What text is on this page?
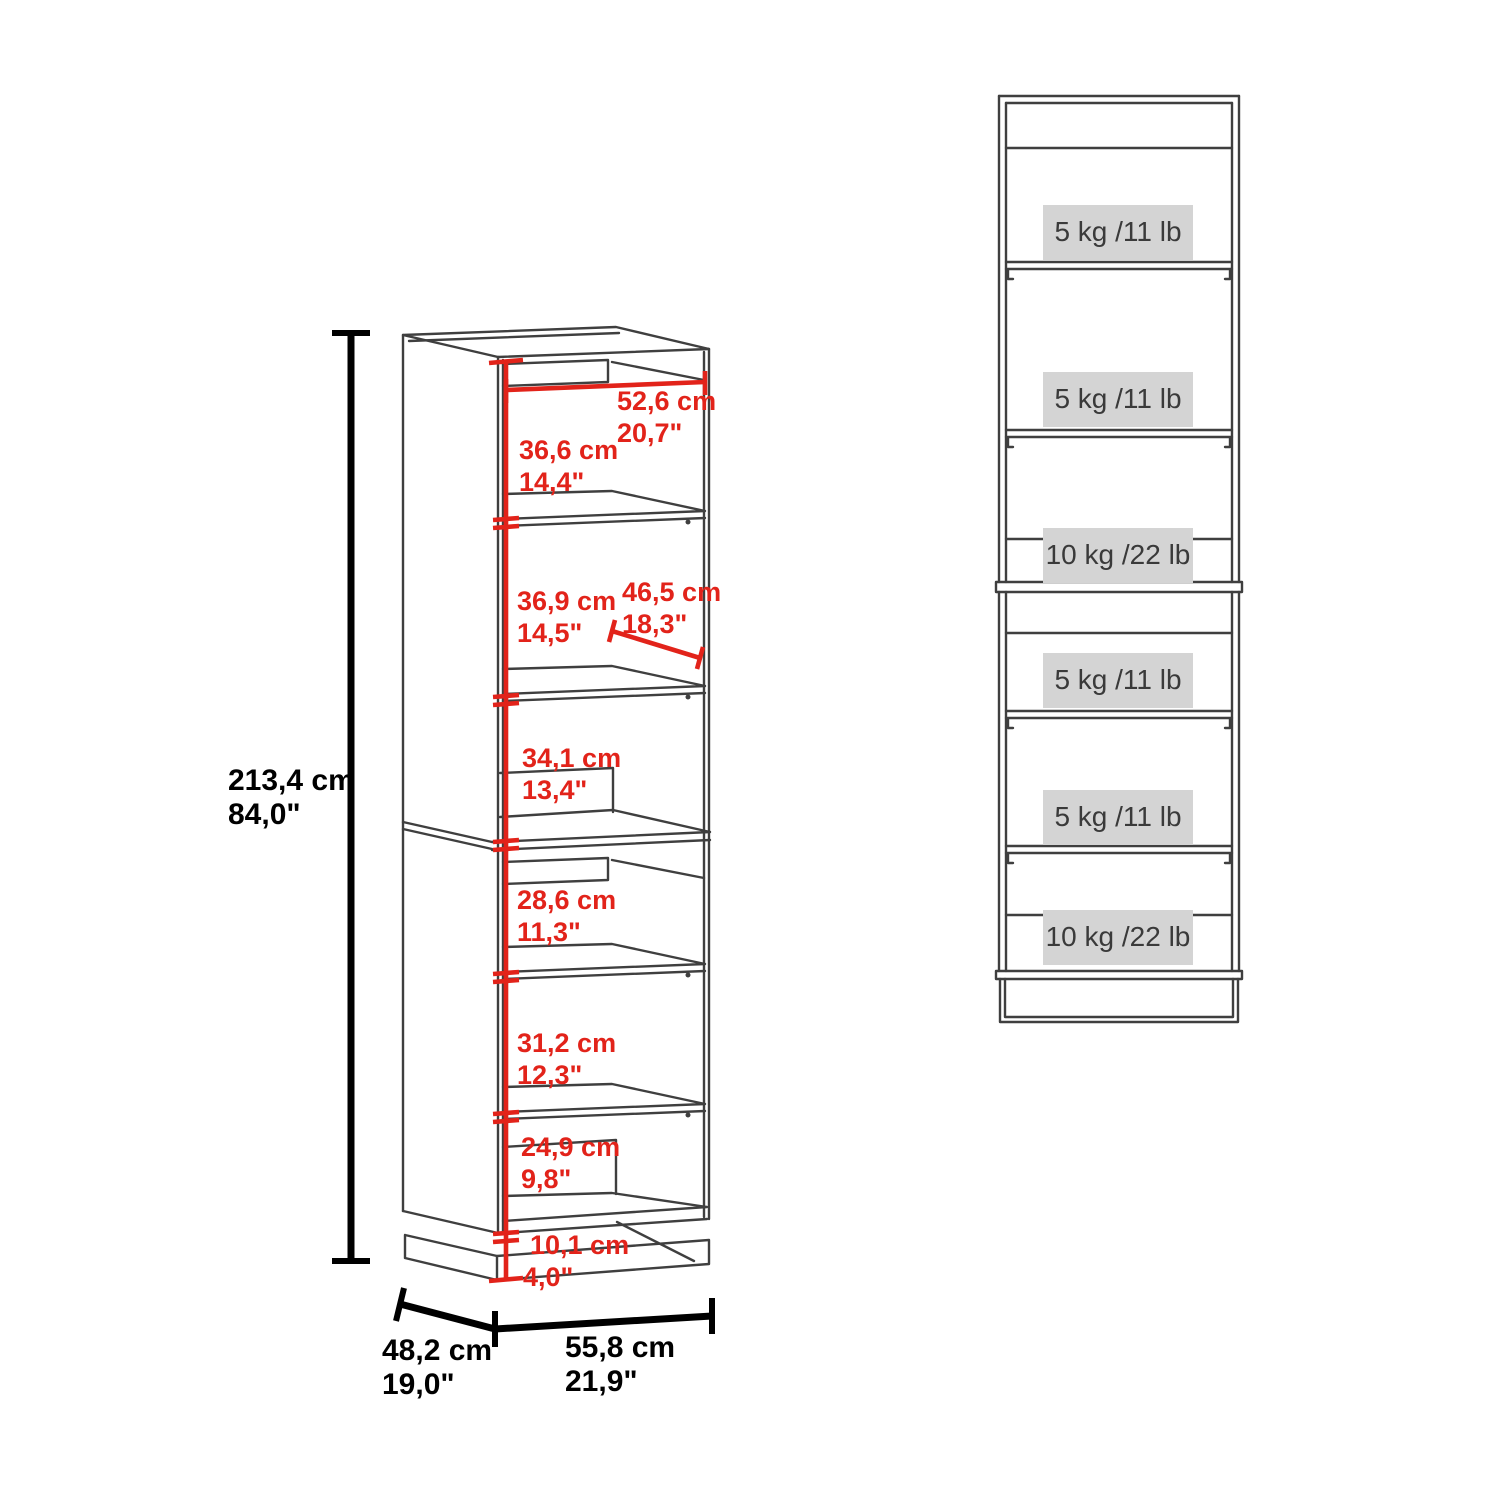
52,6 cm
20,7"
36,6 cm
14,4"
36,9 cm
14,5"
46,5 cm
18,3"
34,1 cm
13,4"
28,6 cm
11,3"
31,2 cm
12,3"
24,9 cm
9,8"
10,1 cm
4,0"
213,4 cm
84,0"
48,2 cm
19,0"
55,8 cm
21,9"
5 kg /11 lb
5 kg /11 lb
10 kg /22 lb
5 kg /11 lb
5 kg /11 lb
10 kg /22 lb
